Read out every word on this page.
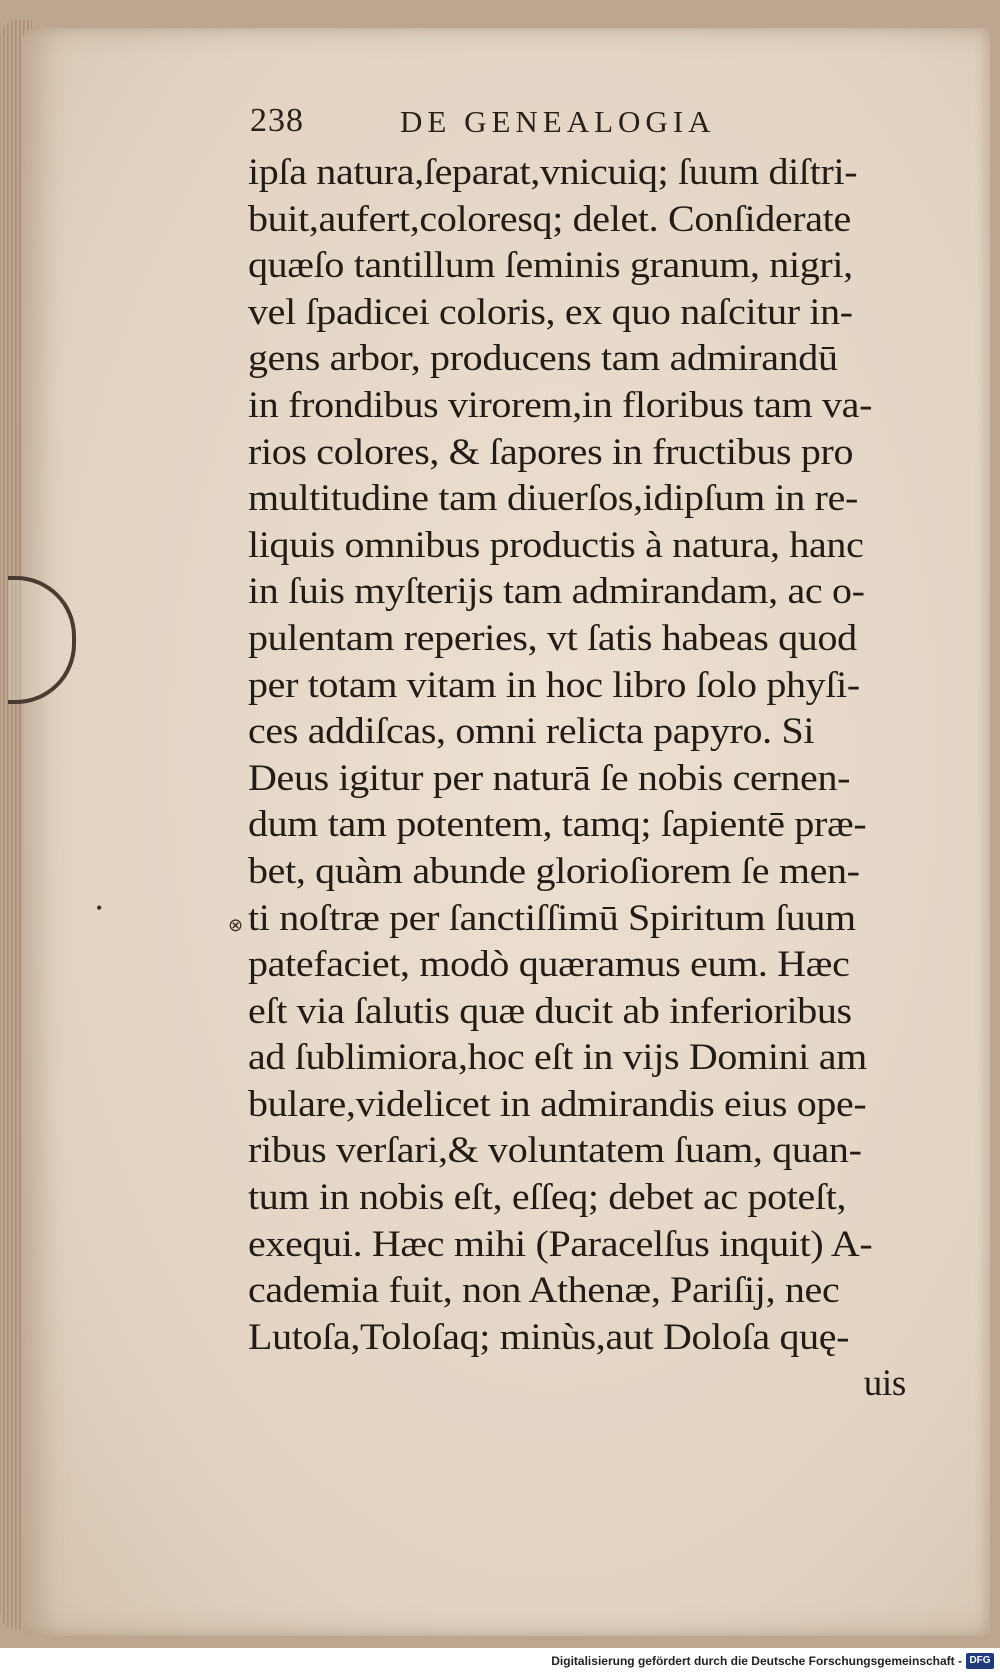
238	DE GENEALOGIA
ipſa natura,ſeparat,vnicuiq; ſuum diſtri-
buit,aufert,coloresq; delet. Conſiderate
quæſo tantillum ſeminis granum, nigri,
vel ſpadicei coloris, ex quo naſcitur in-
gens arbor, producens tam admirandū
in frondibus virorem,in floribus tam va-
rios colores, & ſapores in fructibus pro
multitudine tam diuerſos,idipſum in re-
liquis omnibus productis à natura, hanc
in ſuis myſterijs tam admirandam, ac o-
pulentam reperies, vt ſatis habeas quod
per totam vitam in hoc libro ſolo phyſi-
ces addiſcas, omni relicta papyro. Si
Deus igitur per naturā ſe nobis cernen-
dum tam potentem, tamq; ſapientē præ-
bet, quàm abunde glorioſiorem ſe men-
ti noſtræ per ſanctiſſimū Spiritum ſuum
patefaciet, modò quæramus eum. Hæc
eſt via ſalutis quæ ducit ab inferioribus
ad ſublimiora,hoc eſt in vijs Domini am
bulare,videlicet in admirandis eius ope-
ribus verſari,& voluntatem ſuam, quan-
tum in nobis eſt, eſſeq; debet ac poteſt,
exequi. Hæc mihi (Paracelſus inquit) A-
cademia fuit, non Athenæ, Pariſij, nec
Lutoſa,Toloſaq; minùs,aut Doloſa quę-
uis
•
⊗
Digitalisierung gefördert durch die Deutsche Forschungsgemeinschaft - DFG
